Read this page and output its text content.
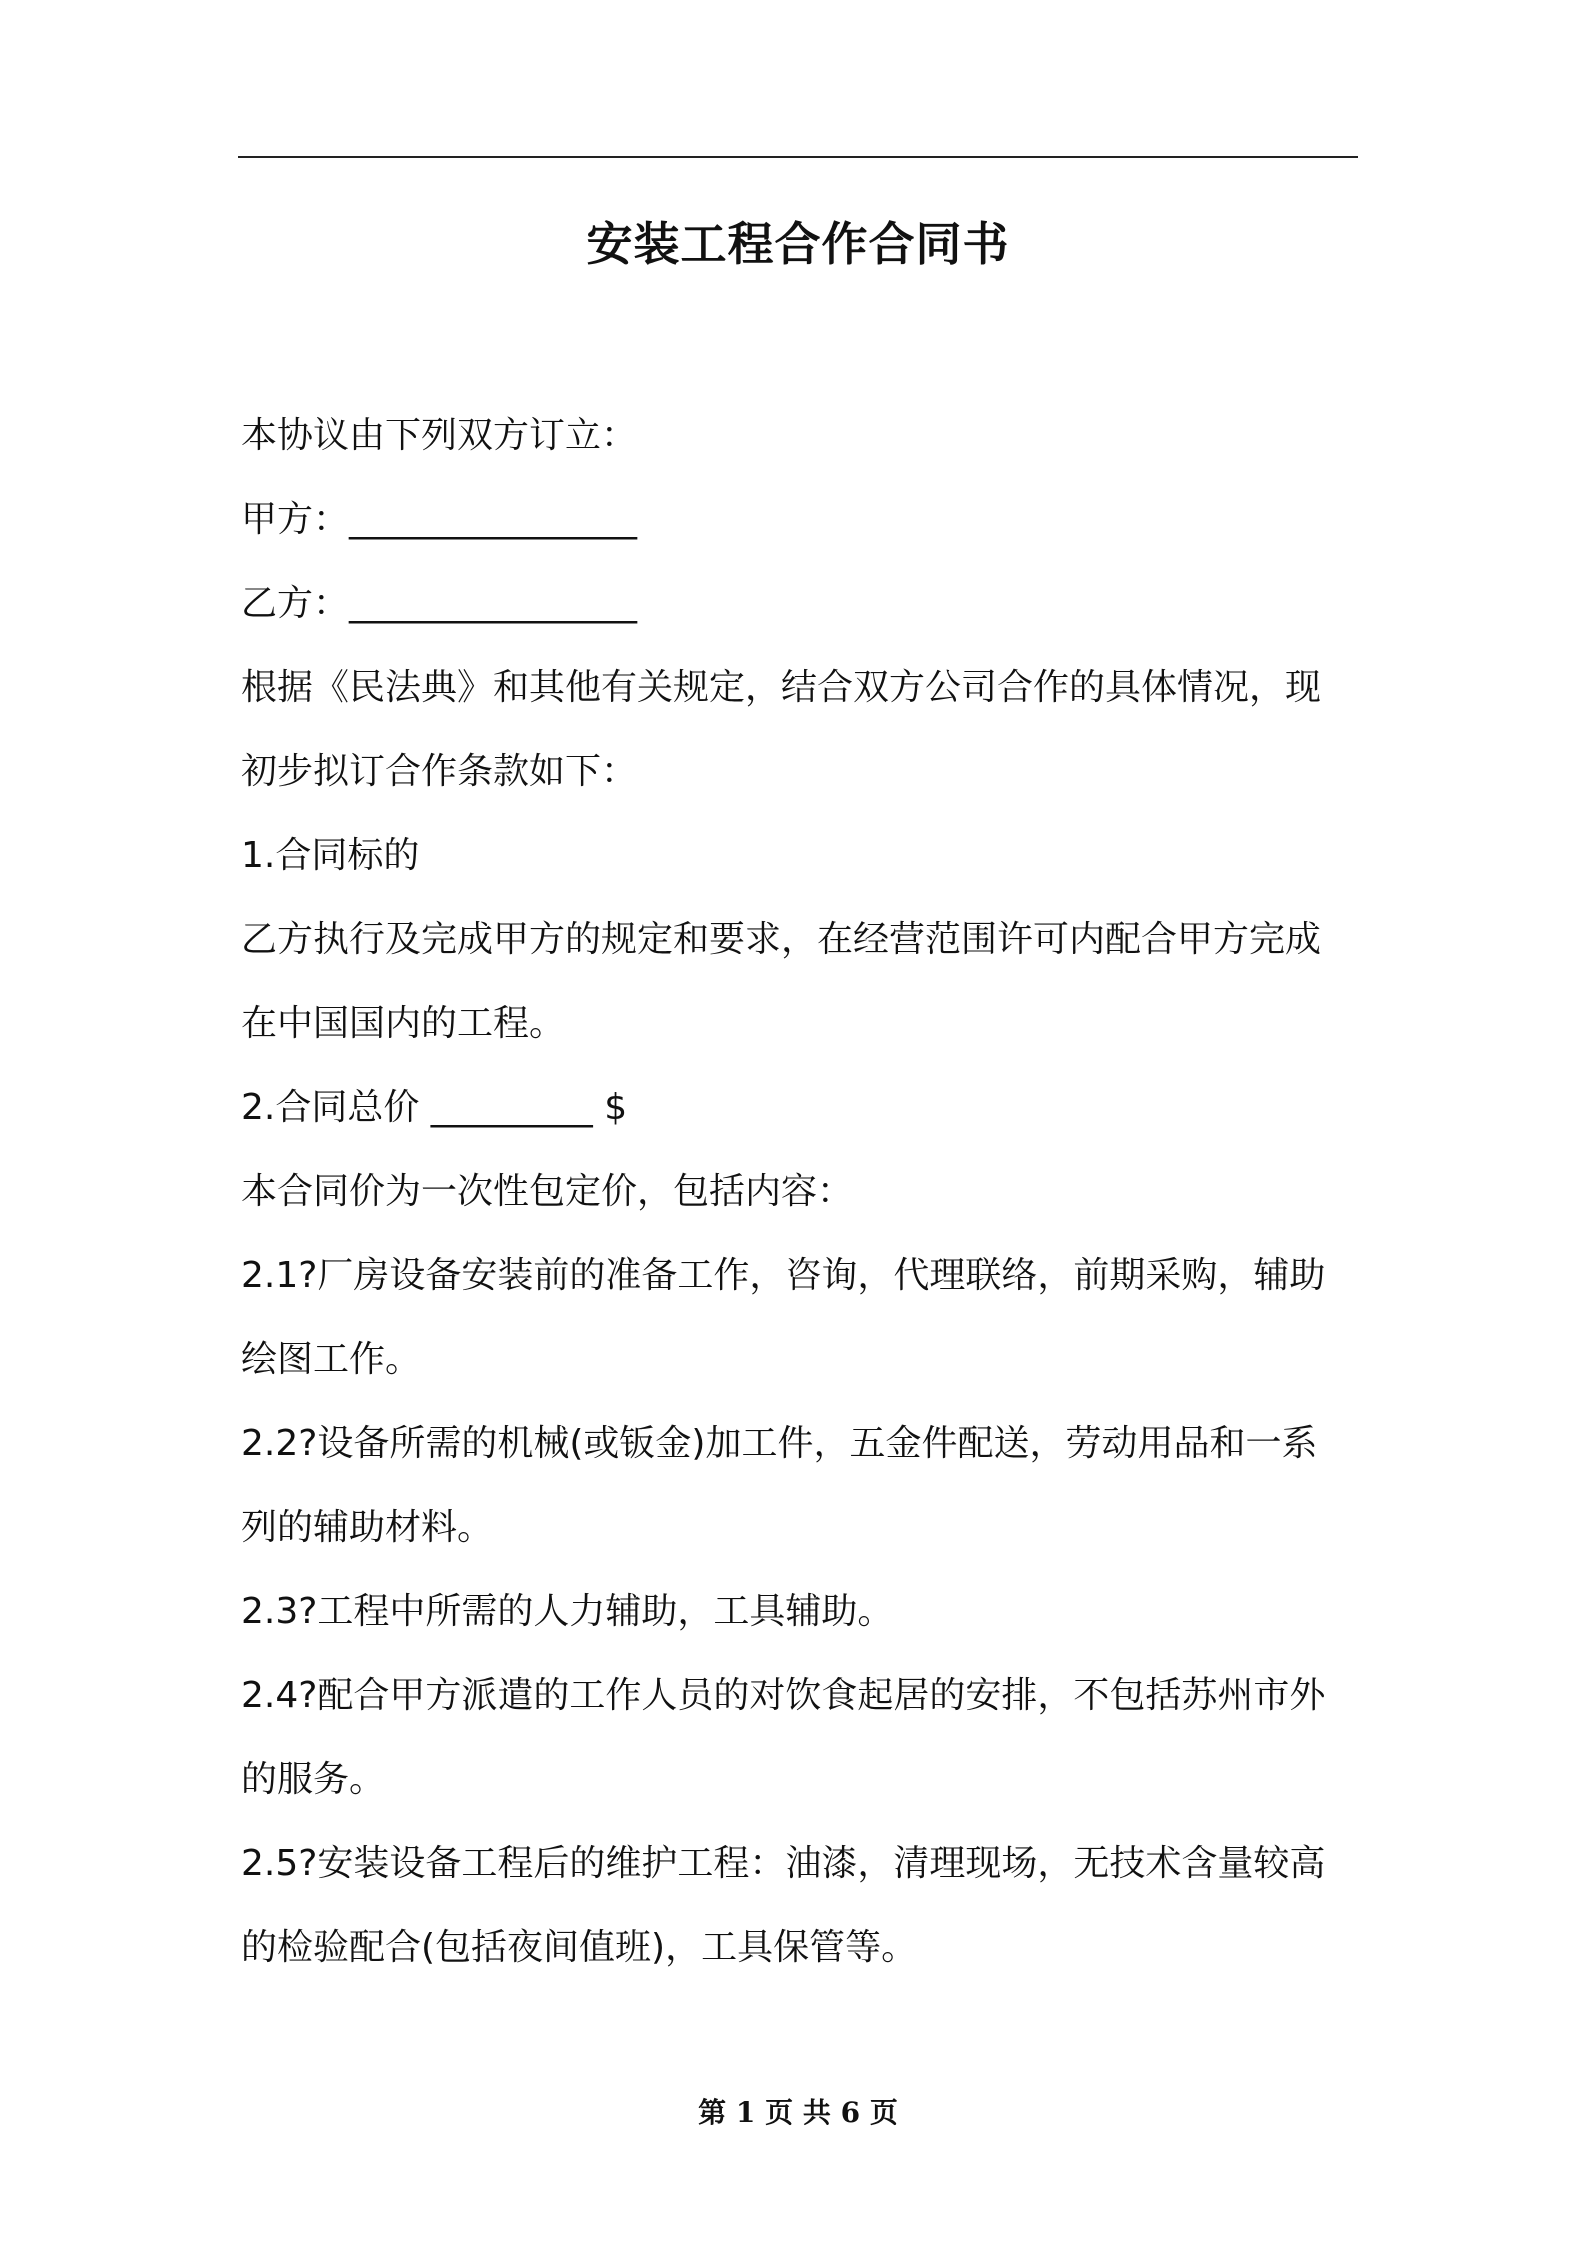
安装工程合作合同书
本协议由下列双方订立：
甲方：________________
乙方：________________
根据《民法典》和其他有关规定，结合双方公司合作的具体情况，现
初步拟订合作条款如下：
1.合同标的
乙方执行及完成甲方的规定和要求，在经营范围许可内配合甲方完成
在中国国内的工程。
2.合同总价 _________ $
本合同价为一次性包定价，包括内容：
2.1?厂房设备安装前的准备工作，咨询，代理联络，前期采购，辅助
绘图工作。
2.2?设备所需的机械(或钣金)加工件，五金件配送，劳动用品和一系
列的辅助材料。
2.3?工程中所需的人力辅助，工具辅助。
2.4?配合甲方派遣的工作人员的对饮食起居的安排，不包括苏州市外
的服务。
2.5?安装设备工程后的维护工程：油漆，清理现场，无技术含量较高
的检验配合(包括夜间值班)，工具保管等。
第 1 页 共 6 页
